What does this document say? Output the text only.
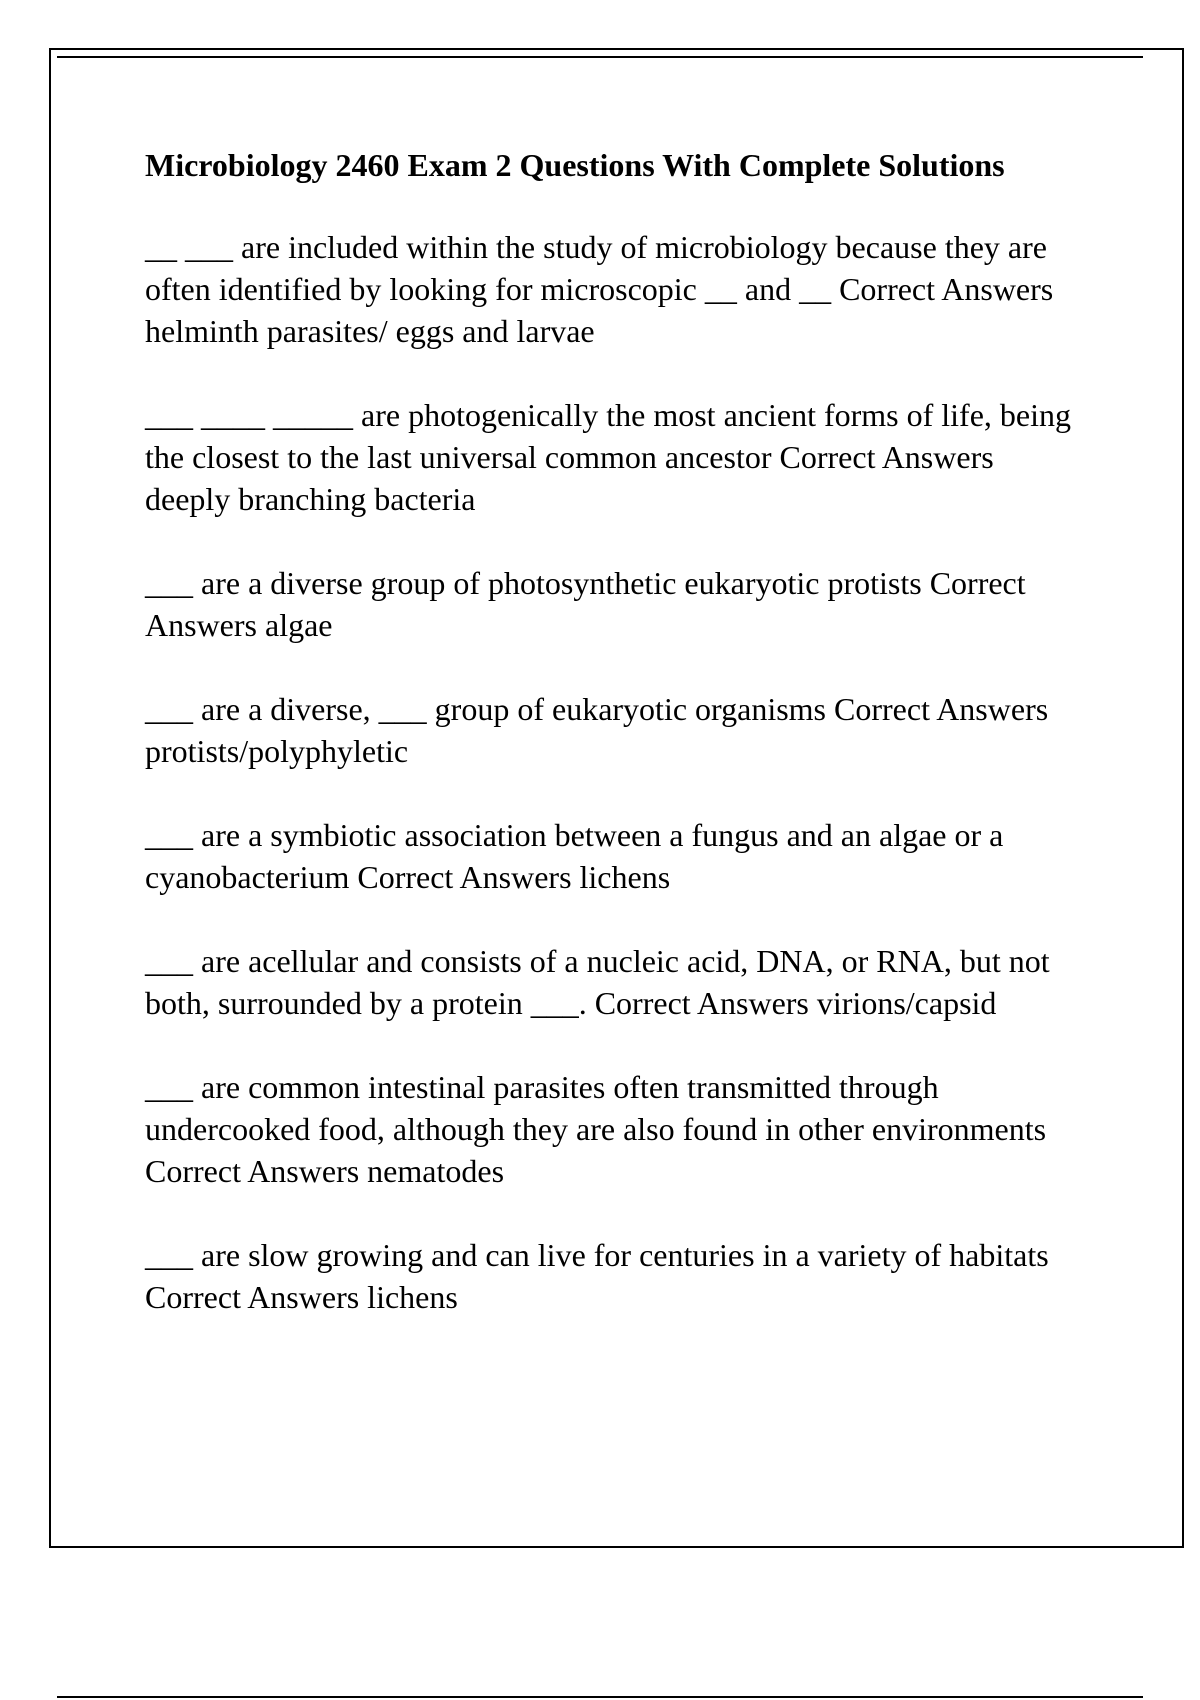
Microbiology 2460 Exam 2 Questions With Complete Solutions

__ ___ are included within the study of microbiology because they are often identified by looking for microscopic __ and __ Correct Answers helminth parasites/ eggs and larvae

___ ____ _____ are photogenically the most ancient forms of life, being the closest to the last universal common ancestor Correct Answers deeply branching bacteria

___ are a diverse group of photosynthetic eukaryotic protists Correct Answers algae

___ are a diverse, ___ group of eukaryotic organisms Correct Answers protists/polyphyletic

___ are a symbiotic association between a fungus and an algae or a cyanobacterium Correct Answers lichens

___ are acellular and consists of a nucleic acid, DNA, or RNA, but not both, surrounded by a protein ___. Correct Answers virions/capsid

___ are common intestinal parasites often transmitted through undercooked food, although they are also found in other environments Correct Answers nematodes

___ are slow growing and can live for centuries in a variety of habitats Correct Answers lichens
